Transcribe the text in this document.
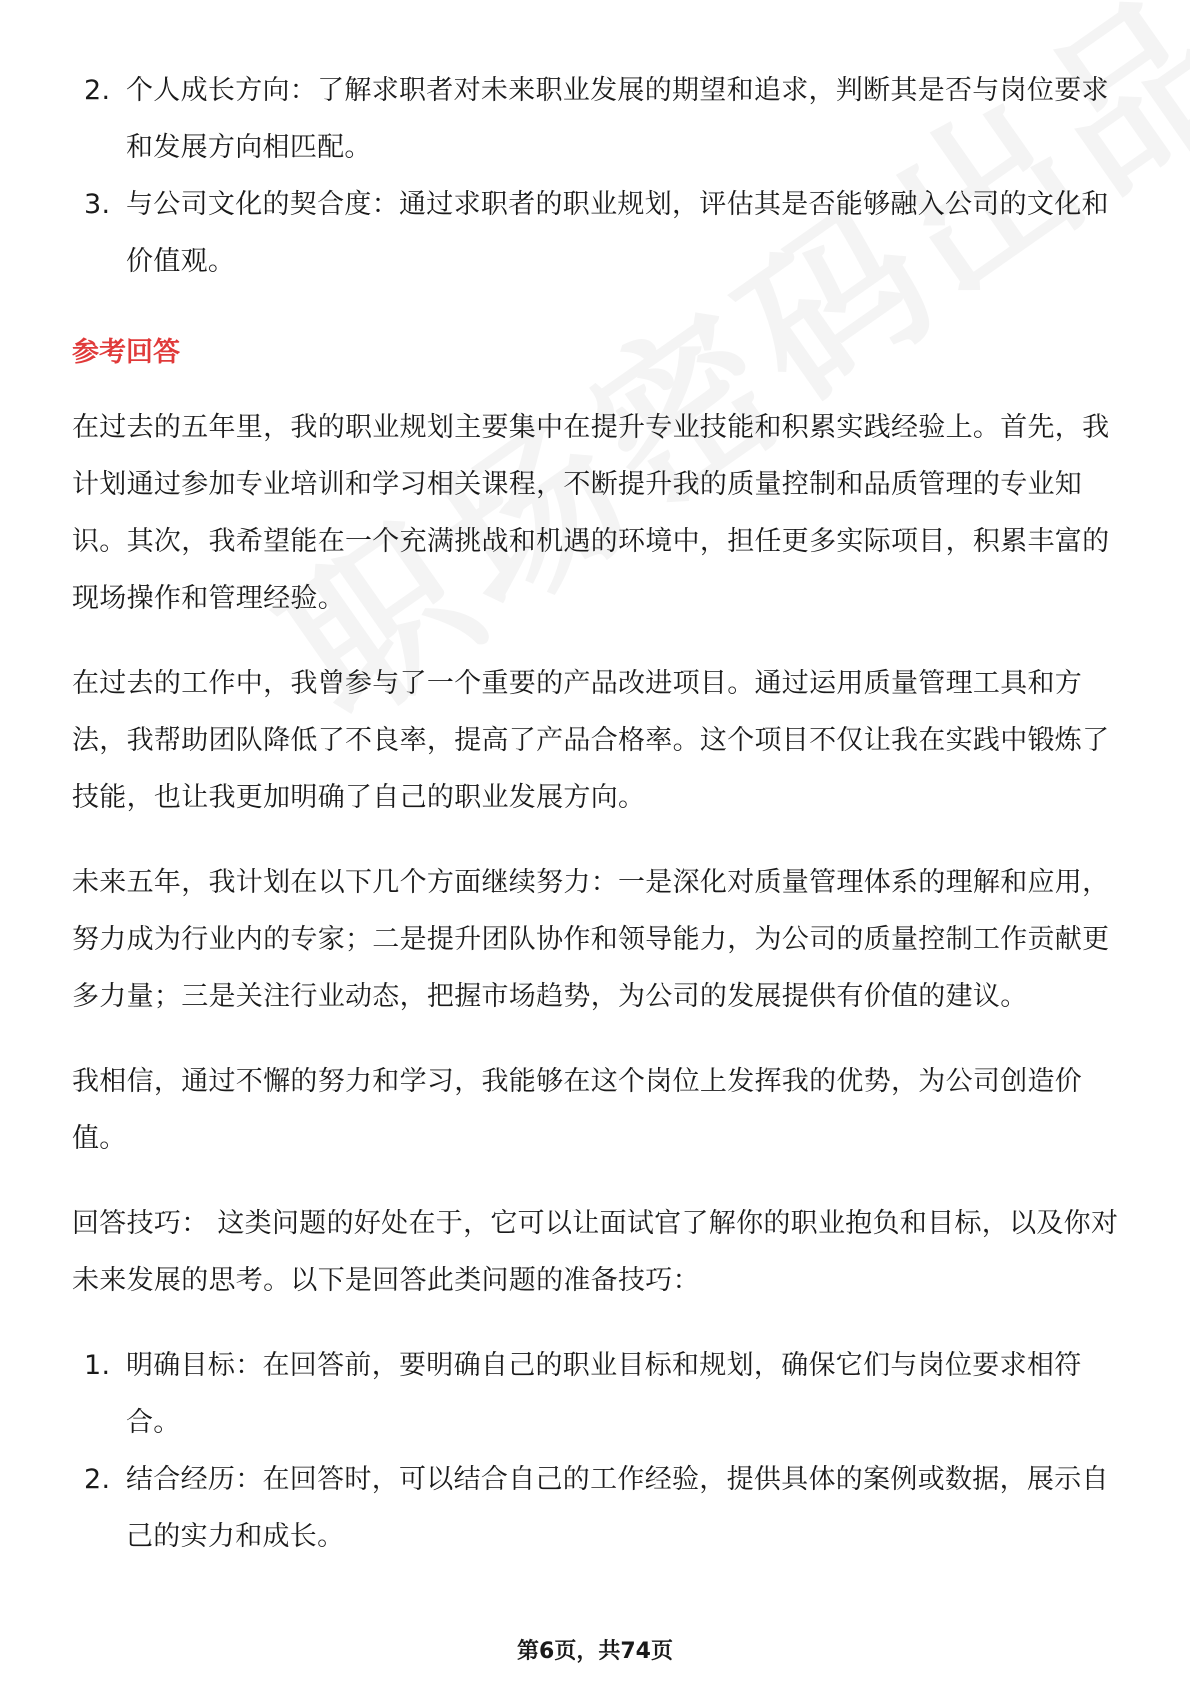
2. 个人成长方向：了解求职者对未来职业发展的期望和追求，判断其是否与岗位要求和发展方向相匹配。
3. 与公司文化的契合度：通过求职者的职业规划，评估其是否能够融入公司的文化和价值观。
参考回答

在过去的五年里，我的职业规划主要集中在提升专业技能和积累实践经验上。首先，我计划通过参加专业培训和学习相关课程，不断提升我的质量控制和品质管理的专业知识。其次，我希望能在一个充满挑战和机遇的环境中，担任更多实际项目，积累丰富的现场操作和管理经验。

在过去的工作中，我曾参与了一个重要的产品改进项目。通过运用质量管理工具和方法，我帮助团队降低了不良率，提高了产品合格率。这个项目不仅让我在实践中锻炼了技能，也让我更加明确了自己的职业发展方向。

未来五年，我计划在以下几个方面继续努力：一是深化对质量管理体系的理解和应用，努力成为行业内的专家；二是提升团队协作和领导能力，为公司的质量控制工作贡献更多力量；三是关注行业动态，把握市场趋势，为公司的发展提供有价值的建议。

我相信，通过不懈的努力和学习，我能够在这个岗位上发挥我的优势，为公司创造价值。

回答技巧： 这类问题的好处在于，它可以让面试官了解你的职业抱负和目标，以及你对未来发展的思考。以下是回答此类问题的准备技巧：

1. 明确目标：在回答前，要明确自己的职业目标和规划，确保它们与岗位要求相符合。
2. 结合经历：在回答时，可以结合自己的工作经验，提供具体的案例或数据，展示自己的实力和成长。
第6页，共74页
